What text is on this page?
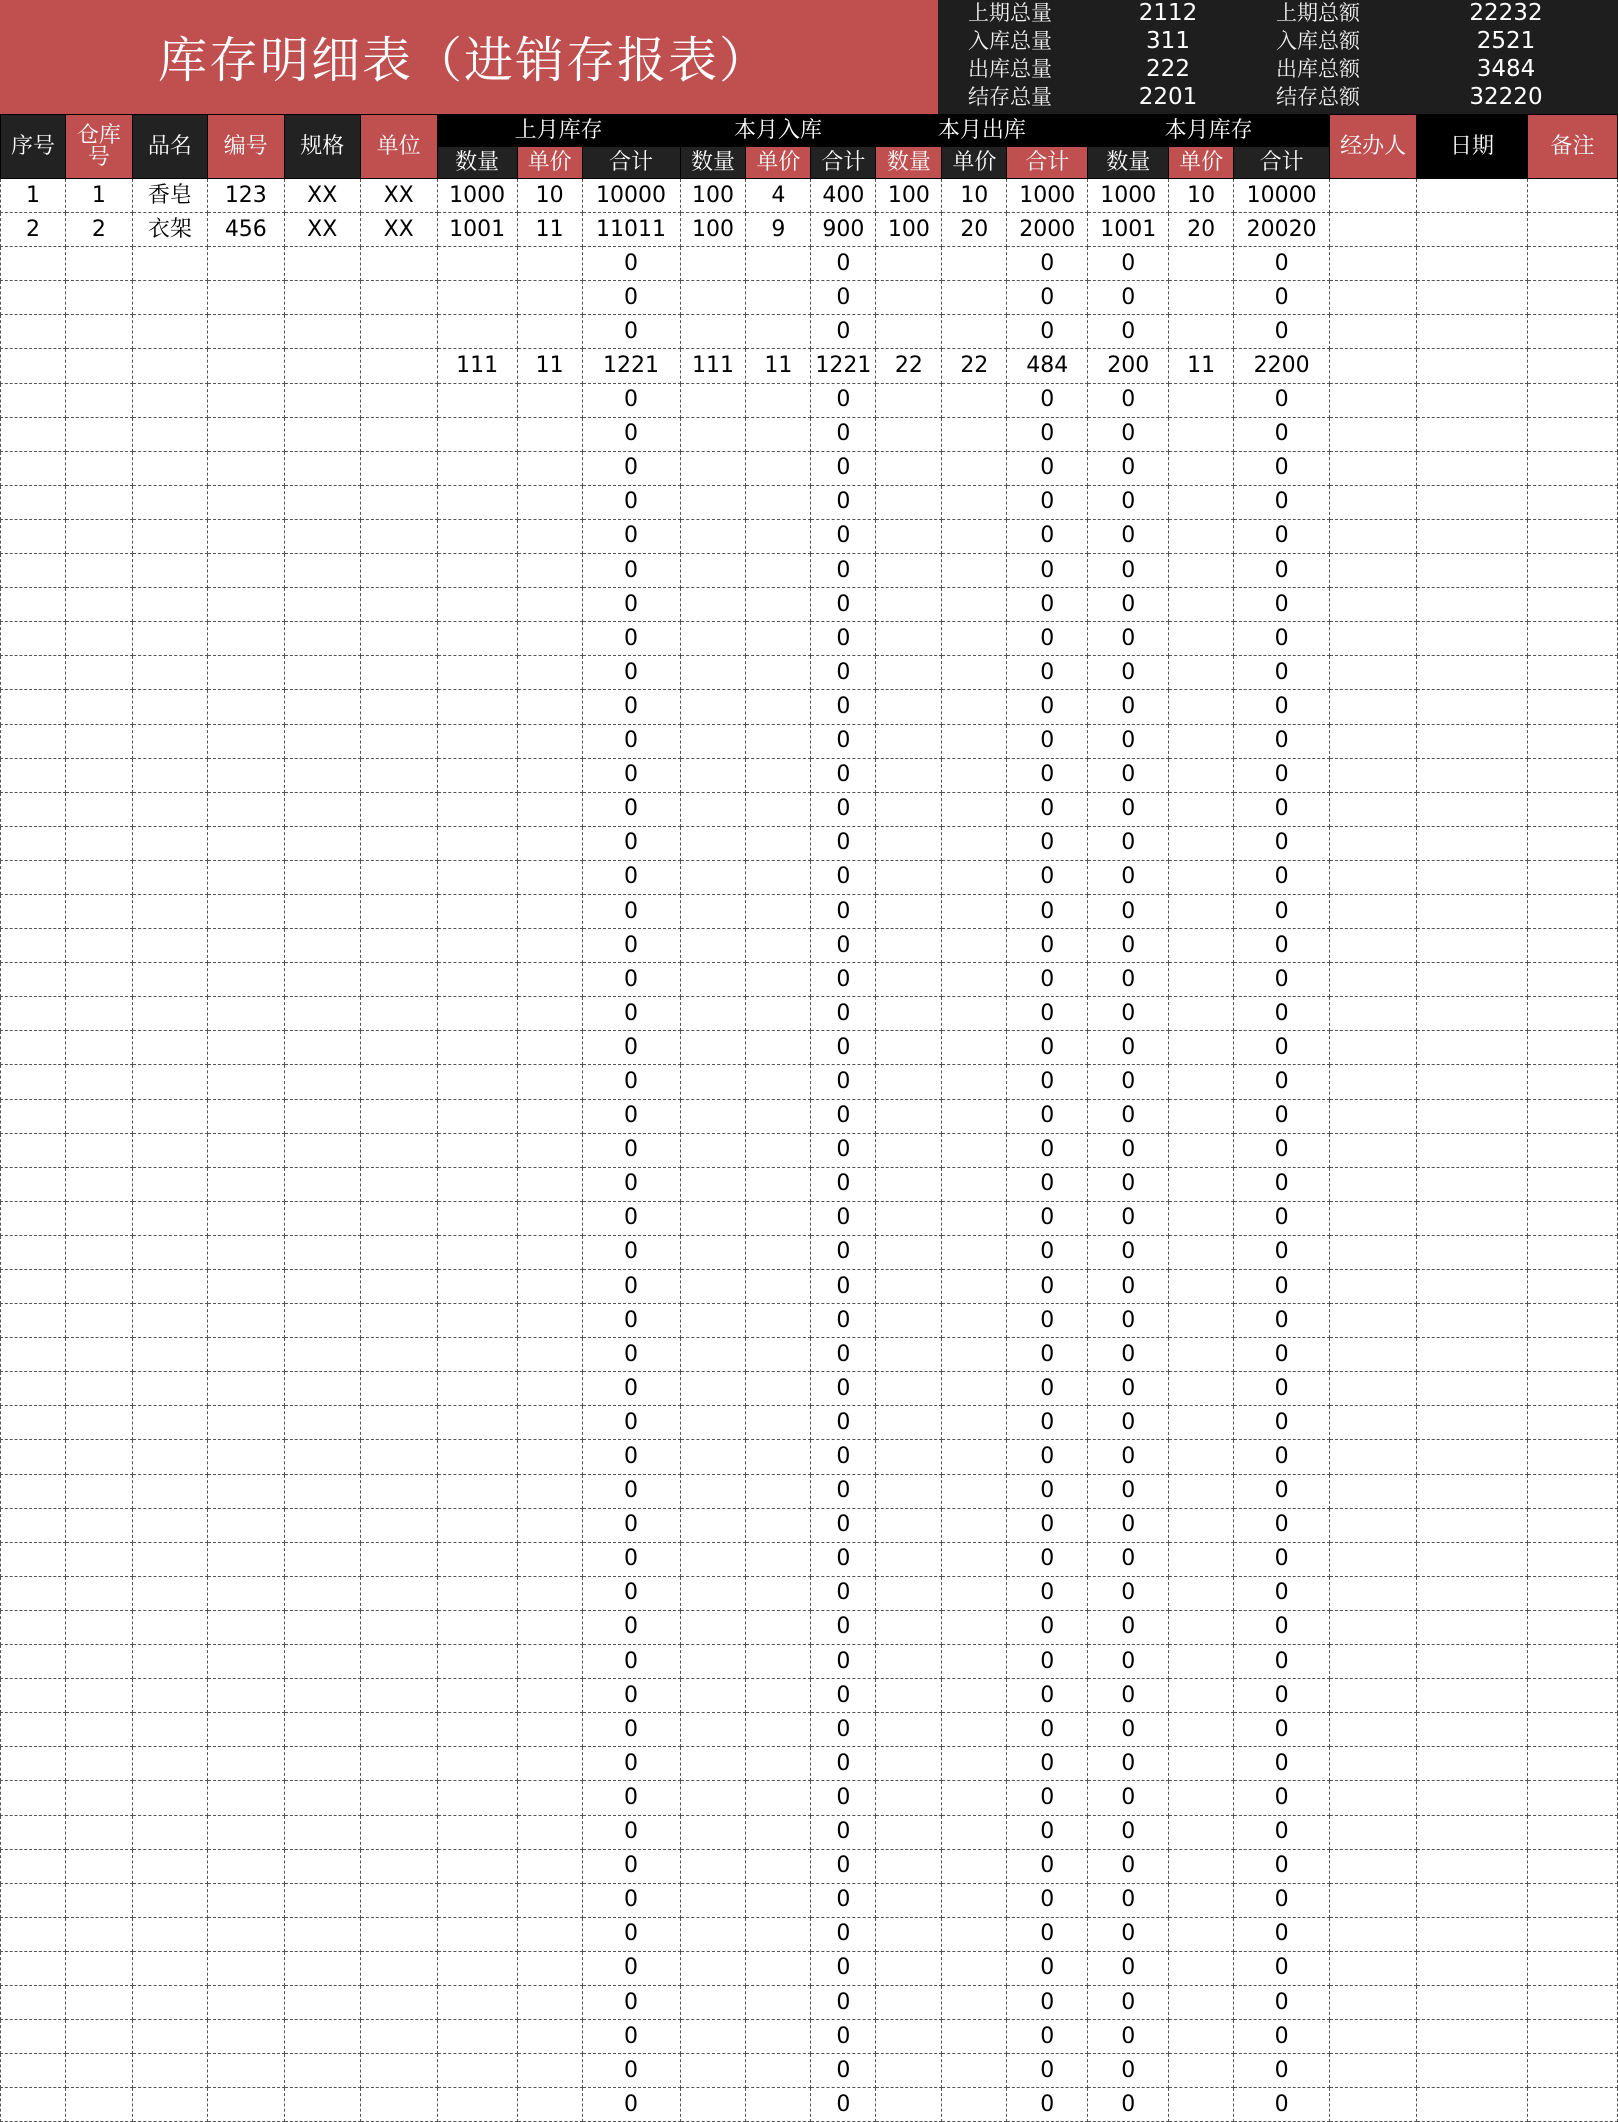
库存明细表（进销存报表）
上期总量	2112	上期总额	22232
入库总量	311	入库总额	2521
出库总量	222	出库总额	3484
结存总量	2201	结存总额	32220
序号	仓库号	品名	编号	规格	单位	上月库存			本月入库			本月出库			本月库存			经办人	日期	备注
						数量	单价	合计	数量	单价	合计	数量	单价	合计	数量	单价	合计			
1	1	香皂	123	XX	XX	1000	10	10000	100	4	400	100	10	1000	1000	10	10000			
2	2	衣架	456	XX	XX	1001	11	11011	100	9	900	100	20	2000	1001	20	20020			
								0			0			0	0		0			
								0			0			0	0		0			
								0			0			0	0		0			
						111	11	1221	111	11	1221	22	22	484	200	11	2200			
								0			0			0	0		0			
								0			0			0	0		0			
								0			0			0	0		0			
								0			0			0	0		0			
								0			0			0	0		0			
								0			0			0	0		0			
								0			0			0	0		0			
								0			0			0	0		0			
								0			0			0	0		0			
								0			0			0	0		0			
								0			0			0	0		0			
								0			0			0	0		0			
								0			0			0	0		0			
								0			0			0	0		0			
								0			0			0	0		0			
								0			0			0	0		0			
								0			0			0	0		0			
								0			0			0	0		0			
								0			0			0	0		0			
								0			0			0	0		0			
								0			0			0	0		0			
								0			0			0	0		0			
								0			0			0	0		0			
								0			0			0	0		0			
								0			0			0	0		0			
								0			0			0	0		0			
								0			0			0	0		0			
								0			0			0	0		0			
								0			0			0	0		0			
								0			0			0	0		0			
								0			0			0	0		0			
								0			0			0	0		0			
								0			0			0	0		0			
								0			0			0	0		0			
								0			0			0	0		0			
								0			0			0	0		0			
								0			0			0	0		0			
								0			0			0	0		0			
								0			0			0	0		0			
								0			0			0	0		0			
								0			0			0	0		0			
								0			0			0	0		0			
								0			0			0	0		0			
								0			0			0	0		0			
								0			0			0	0		0			
								0			0			0	0		0			
								0			0			0	0		0			
								0			0			0	0		0			
								0			0			0	0		0			
								0			0			0	0		0			
								0			0			0	0		0			
